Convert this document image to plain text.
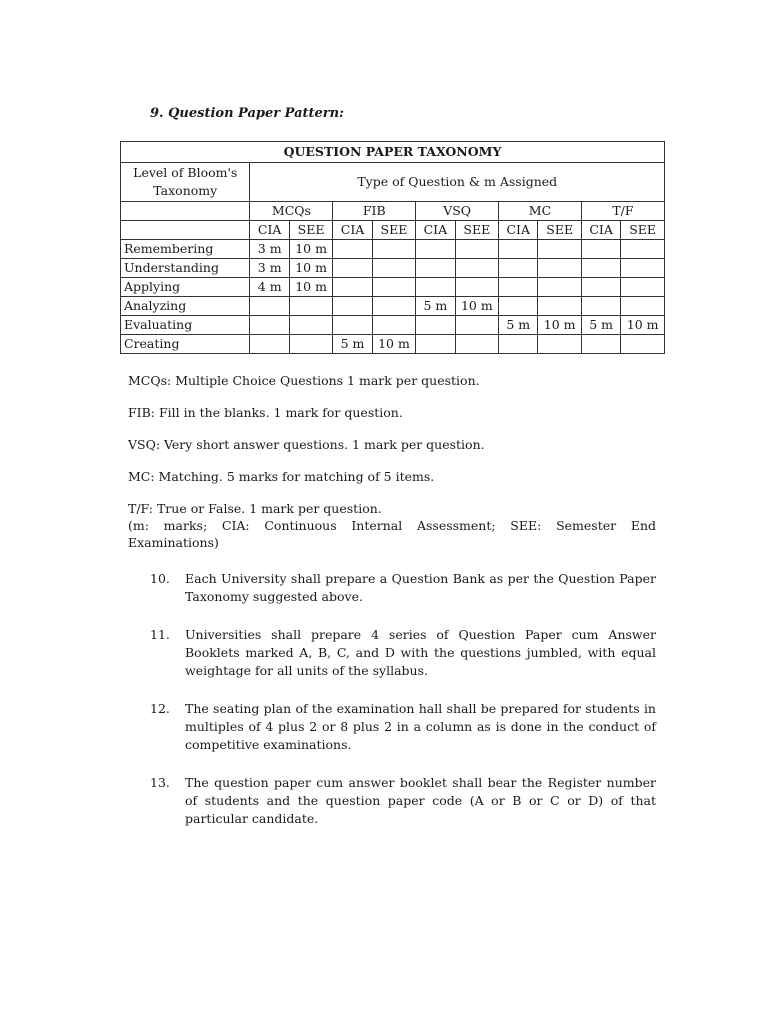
9. Question Paper Pattern:
QUESTION PAPER TAXONOMY										
Level of Bloom's Taxonomy	Type of Question & m Assigned									
	MCQs		FIB		VSQ		MC		T/F	
	CIA	SEE	CIA	SEE	CIA	SEE	CIA	SEE	CIA	SEE
Remembering	3 m	10 m								
Understanding	3 m	10 m								
Applying	4 m	10 m								
Analyzing					5 m	10 m				
Evaluating							5 m	10 m	5 m	10 m
Creating			5 m	10 m						

MCQs: Multiple Choice Questions 1 mark per question.

FIB: Fill in the blanks. 1 mark for question.

VSQ: Very short answer questions. 1 mark per question.

MC: Matching. 5 marks for matching of 5 items.

T/F: True or False. 1 mark per question.

(m: marks; CIA: Continuous Internal Assessment; SEE: Semester End Examinations)

10.	Each University shall prepare a Question Bank as per the Question Paper Taxonomy suggested above.
11.	Universities shall prepare 4 series of Question Paper cum Answer Booklets marked A, B, C, and D with the questions jumbled, with equal weightage for all units of the syllabus.
12.	The seating plan of the examination hall shall be prepared for students in multiples of 4 plus 2 or 8 plus 2 in a column as is done in the conduct of competitive examinations.
13.	The question paper cum answer booklet shall bear the Register number of students and the question paper code (A or B or C or D) of that particular candidate.
